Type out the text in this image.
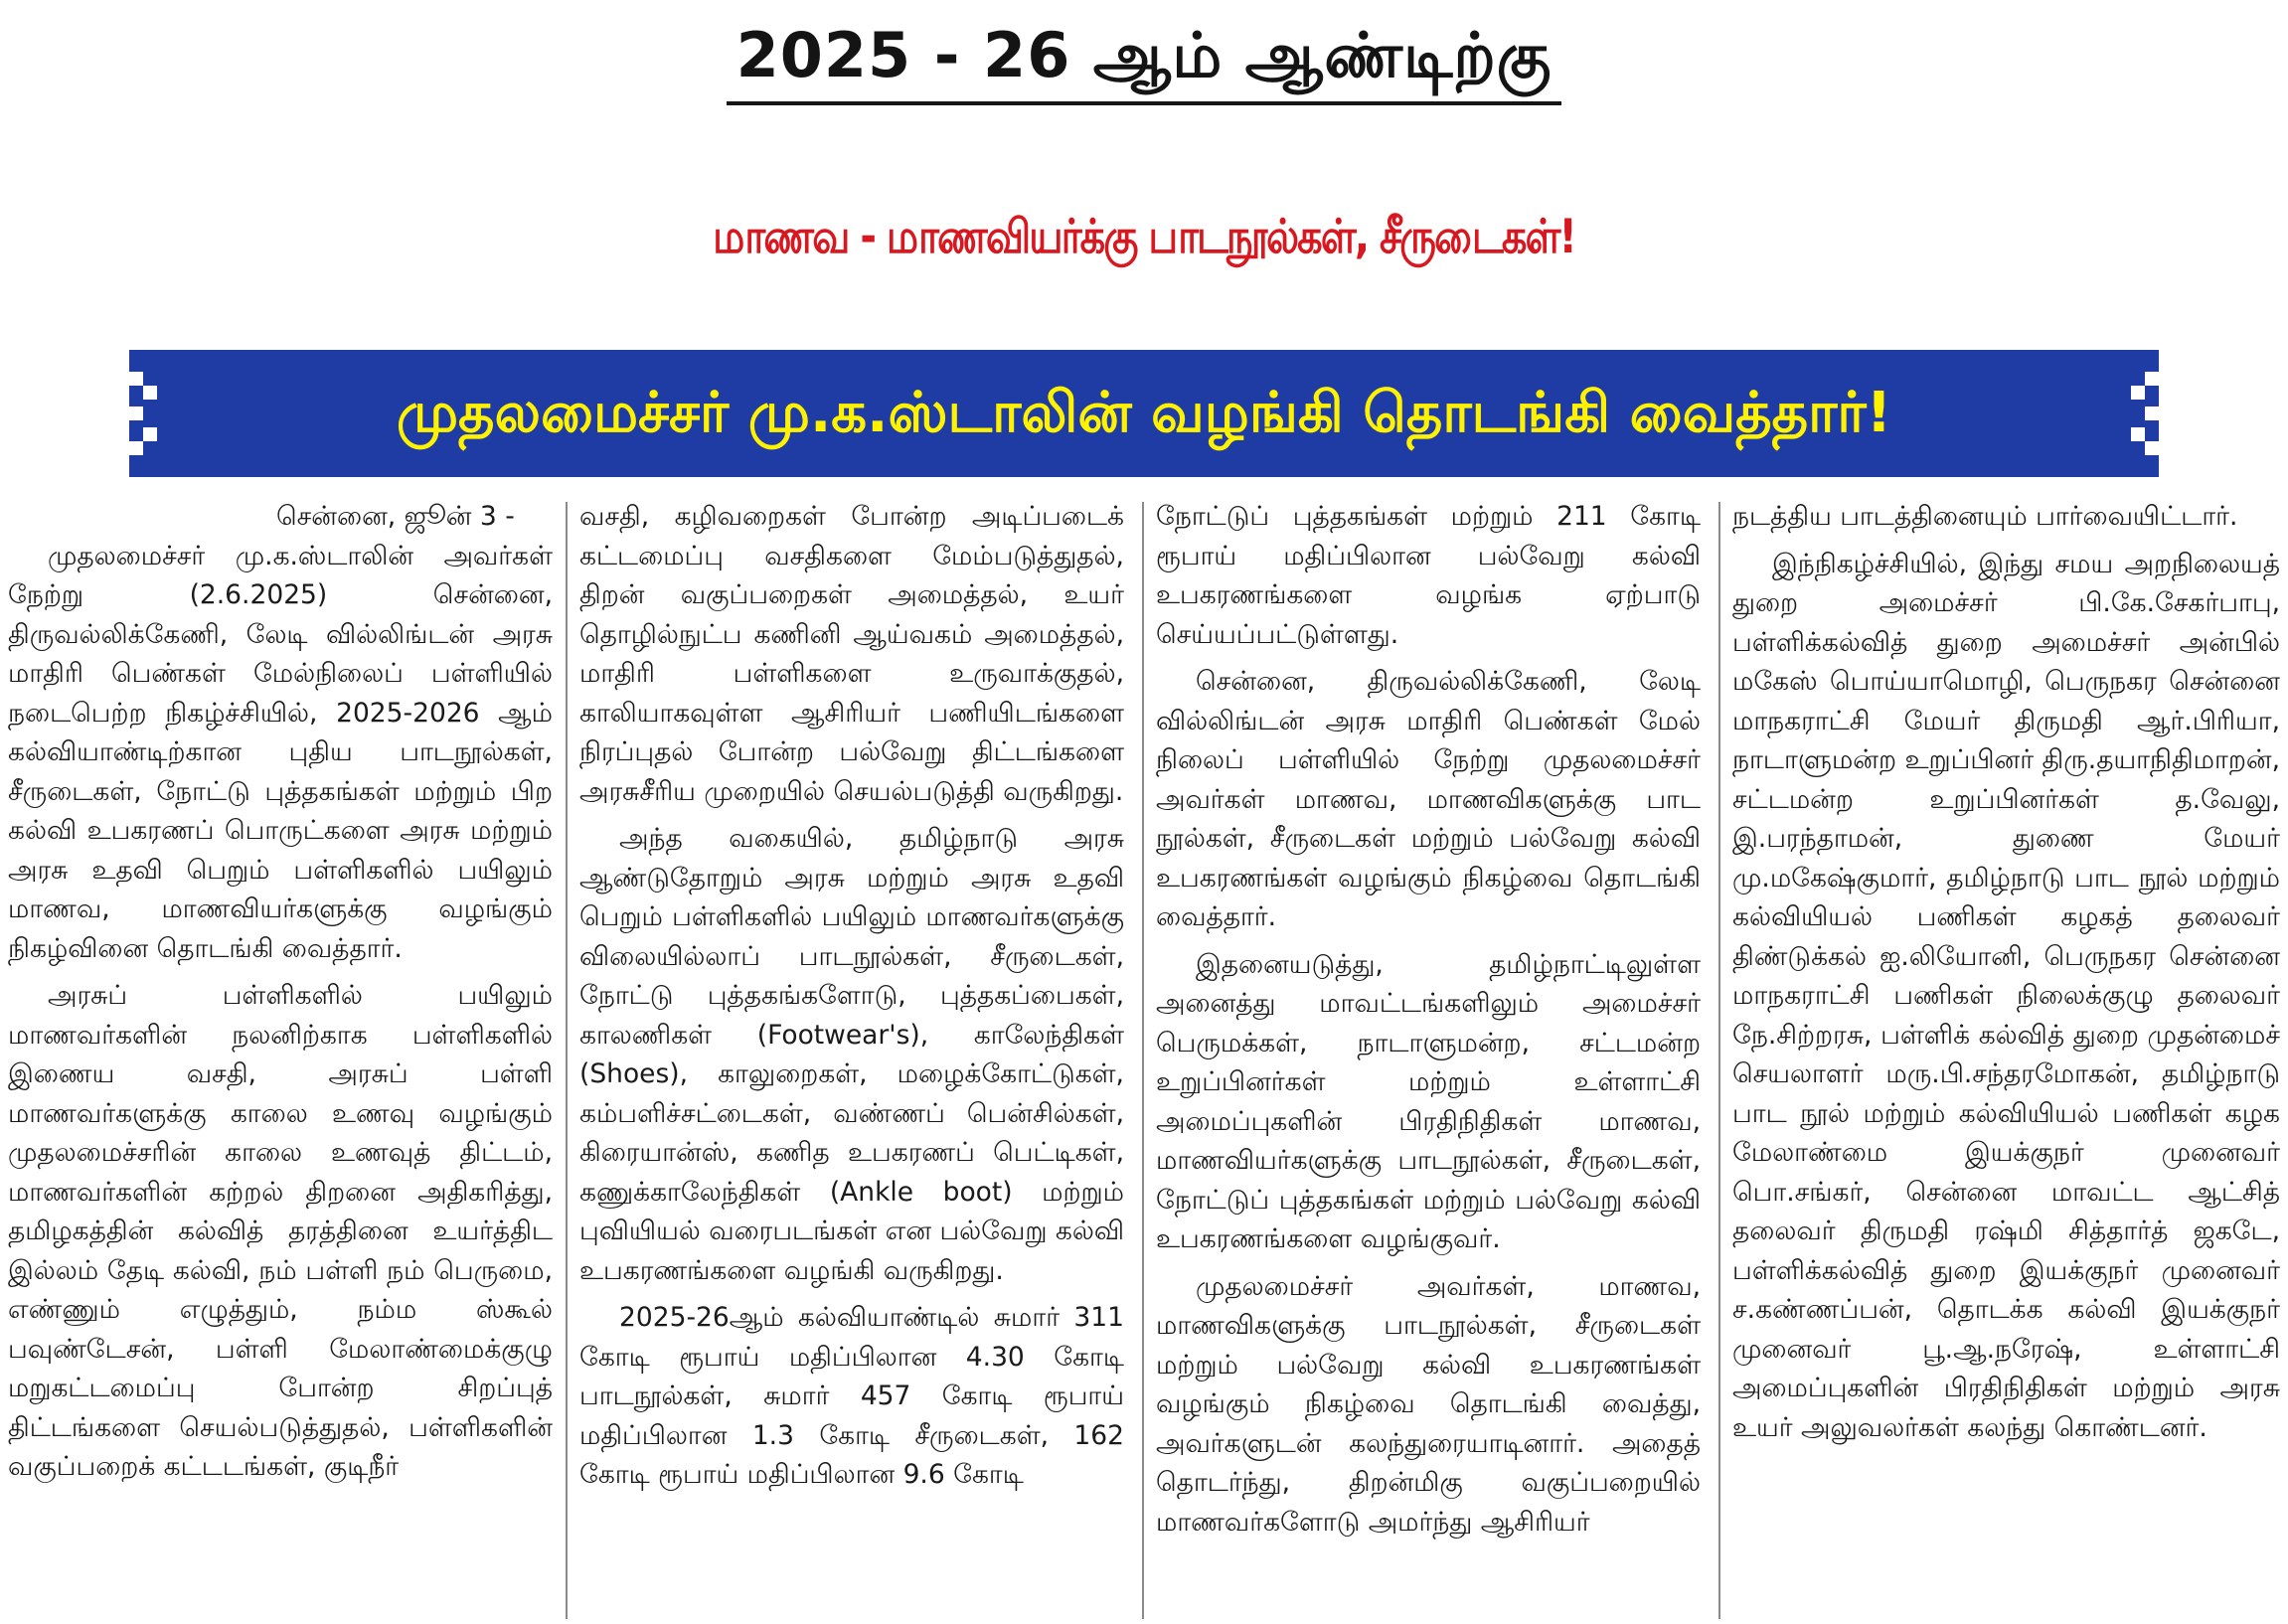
2025 - 26 ஆம் ஆண்டிற்கு
மாணவ - மாணவியர்க்கு பாடநூல்கள், சீருடைகள்!
முதலமைச்சர் மு.க.ஸ்டாலின் வழங்கி தொடங்கி வைத்தார்!

சென்னை, ஜூன் 3 -

முதலமைச்சர் மு.க.ஸ்டாலின் அவர்கள் நேற்று (2.6.2025) சென்னை, திருவல்லிக்கேணி, லேடி வில்லிங்டன் அரசு மாதிரி பெண்கள் மேல்நிலைப் பள்ளியில் நடைபெற்ற நிகழ்ச்சியில், 2025-2026 ஆம் கல்வியாண்டிற்கான புதிய பாடநூல்கள், சீருடைகள், நோட்டு புத்தகங்கள் மற்றும் பிற கல்வி உபகரணப் பொருட்களை அரசு மற்றும் அரசு உதவி பெறும் பள்ளிகளில் பயிலும் மாணவ, மாணவியர்களுக்கு வழங்கும் நிகழ்வினை தொடங்கி வைத்தார்.

அரசுப் பள்ளிகளில் பயிலும் மாணவர்களின் நலனிற்காக பள்ளிகளில் இணைய வசதி, அரசுப் பள்ளி மாணவர்களுக்கு காலை உணவு வழங்கும் முதலமைச்சரின் காலை உணவுத் திட்டம், மாணவர்களின் கற்றல் திறனை அதிகரித்து, தமிழகத்தின் கல்வித் தரத்தினை உயர்த்திட இல்லம் தேடி கல்வி, நம் பள்ளி நம் பெருமை, எண்ணும் எழுத்தும், நம்ம ஸ்கூல் பவுண்டேசன், பள்ளி மேலாண்மைக்குழு மறுகட்டமைப்பு போன்ற சிறப்புத் திட்டங்களை செயல்படுத்துதல், பள்ளிகளின் வகுப்பறைக் கட்டடங்கள், குடிநீர்

வசதி, கழிவறைகள் போன்ற அடிப்படைக் கட்டமைப்பு வசதிகளை மேம்படுத்துதல், திறன் வகுப்பறைகள் அமைத்தல், உயர் தொழில்நுட்ப கணினி ஆய்வகம் அமைத்தல், மாதிரி பள்ளிகளை உருவாக்குதல், காலியாகவுள்ள ஆசிரியர் பணியிடங்களை நிரப்புதல் போன்ற பல்வேறு திட்டங்களை அரசுசீரிய முறையில் செயல்படுத்தி வருகிறது.

அந்த வகையில், தமிழ்நாடு அரசு ஆண்டுதோறும் அரசு மற்றும் அரசு உதவி பெறும் பள்ளிகளில் பயிலும் மாணவர்களுக்கு விலையில்லாப் பாடநூல்கள், சீருடைகள், நோட்டு புத்தகங்களோடு, புத்தகப்பைகள், காலணிகள் (Footwear's), காலேந்திகள் (Shoes), காலுறைகள், மழைக்கோட்டுகள், கம்பளிச்சட்டைகள், வண்ணப் பென்சில்கள், கிரையான்ஸ், கணித உபகரணப் பெட்டிகள், கணுக்காலேந்திகள் (Ankle boot) மற்றும் புவியியல் வரைபடங்கள் என பல்வேறு கல்வி உபகரணங்களை வழங்கி வருகிறது.

2025-26ஆம் கல்வியாண்டில் சுமார் 311 கோடி ரூபாய் மதிப்பிலான 4.30 கோடி பாடநூல்கள், சுமார் 457 கோடி ரூபாய் மதிப்பிலான 1.3 கோடி சீருடைகள், 162 கோடி ரூபாய் மதிப்பிலான 9.6 கோடி

நோட்டுப் புத்தகங்கள் மற்றும் 211 கோடி ரூபாய் மதிப்பிலான பல்வேறு கல்வி உபகரணங்களை வழங்க ஏற்பாடு செய்யப்பட்டுள்ளது.

சென்னை, திருவல்லிக்கேணி, லேடி வில்லிங்டன் அரசு மாதிரி பெண்கள் மேல் நிலைப் பள்ளியில் நேற்று முதலமைச்சர் அவர்கள் மாணவ, மாணவிகளுக்கு பாட நூல்கள், சீருடைகள் மற்றும் பல்வேறு கல்வி உபகரணங்கள் வழங்கும் நிகழ்வை தொடங்கி வைத்தார்.

இதனையடுத்து, தமிழ்நாட்டிலுள்ள அனைத்து மாவட்டங்களிலும் அமைச்சர் பெருமக்கள், நாடாளுமன்ற, சட்டமன்ற உறுப்பினர்கள் மற்றும் உள்ளாட்சி அமைப்புகளின் பிரதிநிதிகள் மாணவ, மாணவியர்களுக்கு பாடநூல்கள், சீருடைகள், நோட்டுப் புத்தகங்கள் மற்றும் பல்வேறு கல்வி உபகரணங்களை வழங்குவர்.

முதலமைச்சர் அவர்கள், மாணவ, மாணவிகளுக்கு பாடநூல்கள், சீருடைகள் மற்றும் பல்வேறு கல்வி உபகரணங்கள் வழங்கும் நிகழ்வை தொடங்கி வைத்து, அவர்களுடன் கலந்துரையாடினார். அதைத் தொடர்ந்து, திறன்மிகு வகுப்பறையில் மாணவர்களோடு அமர்ந்து ஆசிரியர்

நடத்திய பாடத்தினையும் பார்வையிட்டார்.

இந்நிகழ்ச்சியில், இந்து சமய அறநிலையத் துறை அமைச்சர் பி.கே.சேகர்பாபு, பள்ளிக்கல்வித் துறை அமைச்சர் அன்பில் மகேஸ் பொய்யாமொழி, பெருநகர சென்னை மாநகராட்சி மேயர் திருமதி ஆர்.பிரியா, நாடாளுமன்ற உறுப்பினர் திரு.தயாநிதிமாறன், சட்டமன்ற உறுப்பினர்கள் த.வேலு, இ.பரந்தாமன், துணை மேயர் மு.மகேஷ்குமார், தமிழ்நாடு பாட நூல் மற்றும் கல்வியியல் பணிகள் கழகத் தலைவர் திண்டுக்கல் ஐ.லியோனி, பெருநகர சென்னை மாநகராட்சி பணிகள் நிலைக்குழு தலைவர் நே.சிற்றரசு, பள்ளிக் கல்வித் துறை முதன்மைச் செயலாளர் மரு.பி.சந்தரமோகன், தமிழ்நாடு பாட நூல் மற்றும் கல்வியியல் பணிகள் கழக மேலாண்மை இயக்குநர் முனைவர் பொ.சங்கர், சென்னை மாவட்ட ஆட்சித் தலைவர் திருமதி ரஷ்மி சித்தார்த் ஜகடே, பள்ளிக்கல்வித் துறை இயக்குநர் முனைவர் ச.கண்ணப்பன், தொடக்க கல்வி இயக்குநர் முனைவர் பூ.ஆ.நரேஷ், உள்ளாட்சி அமைப்புகளின் பிரதிநிதிகள் மற்றும் அரசு உயர் அலுவலர்கள் கலந்து கொண்டனர்.
